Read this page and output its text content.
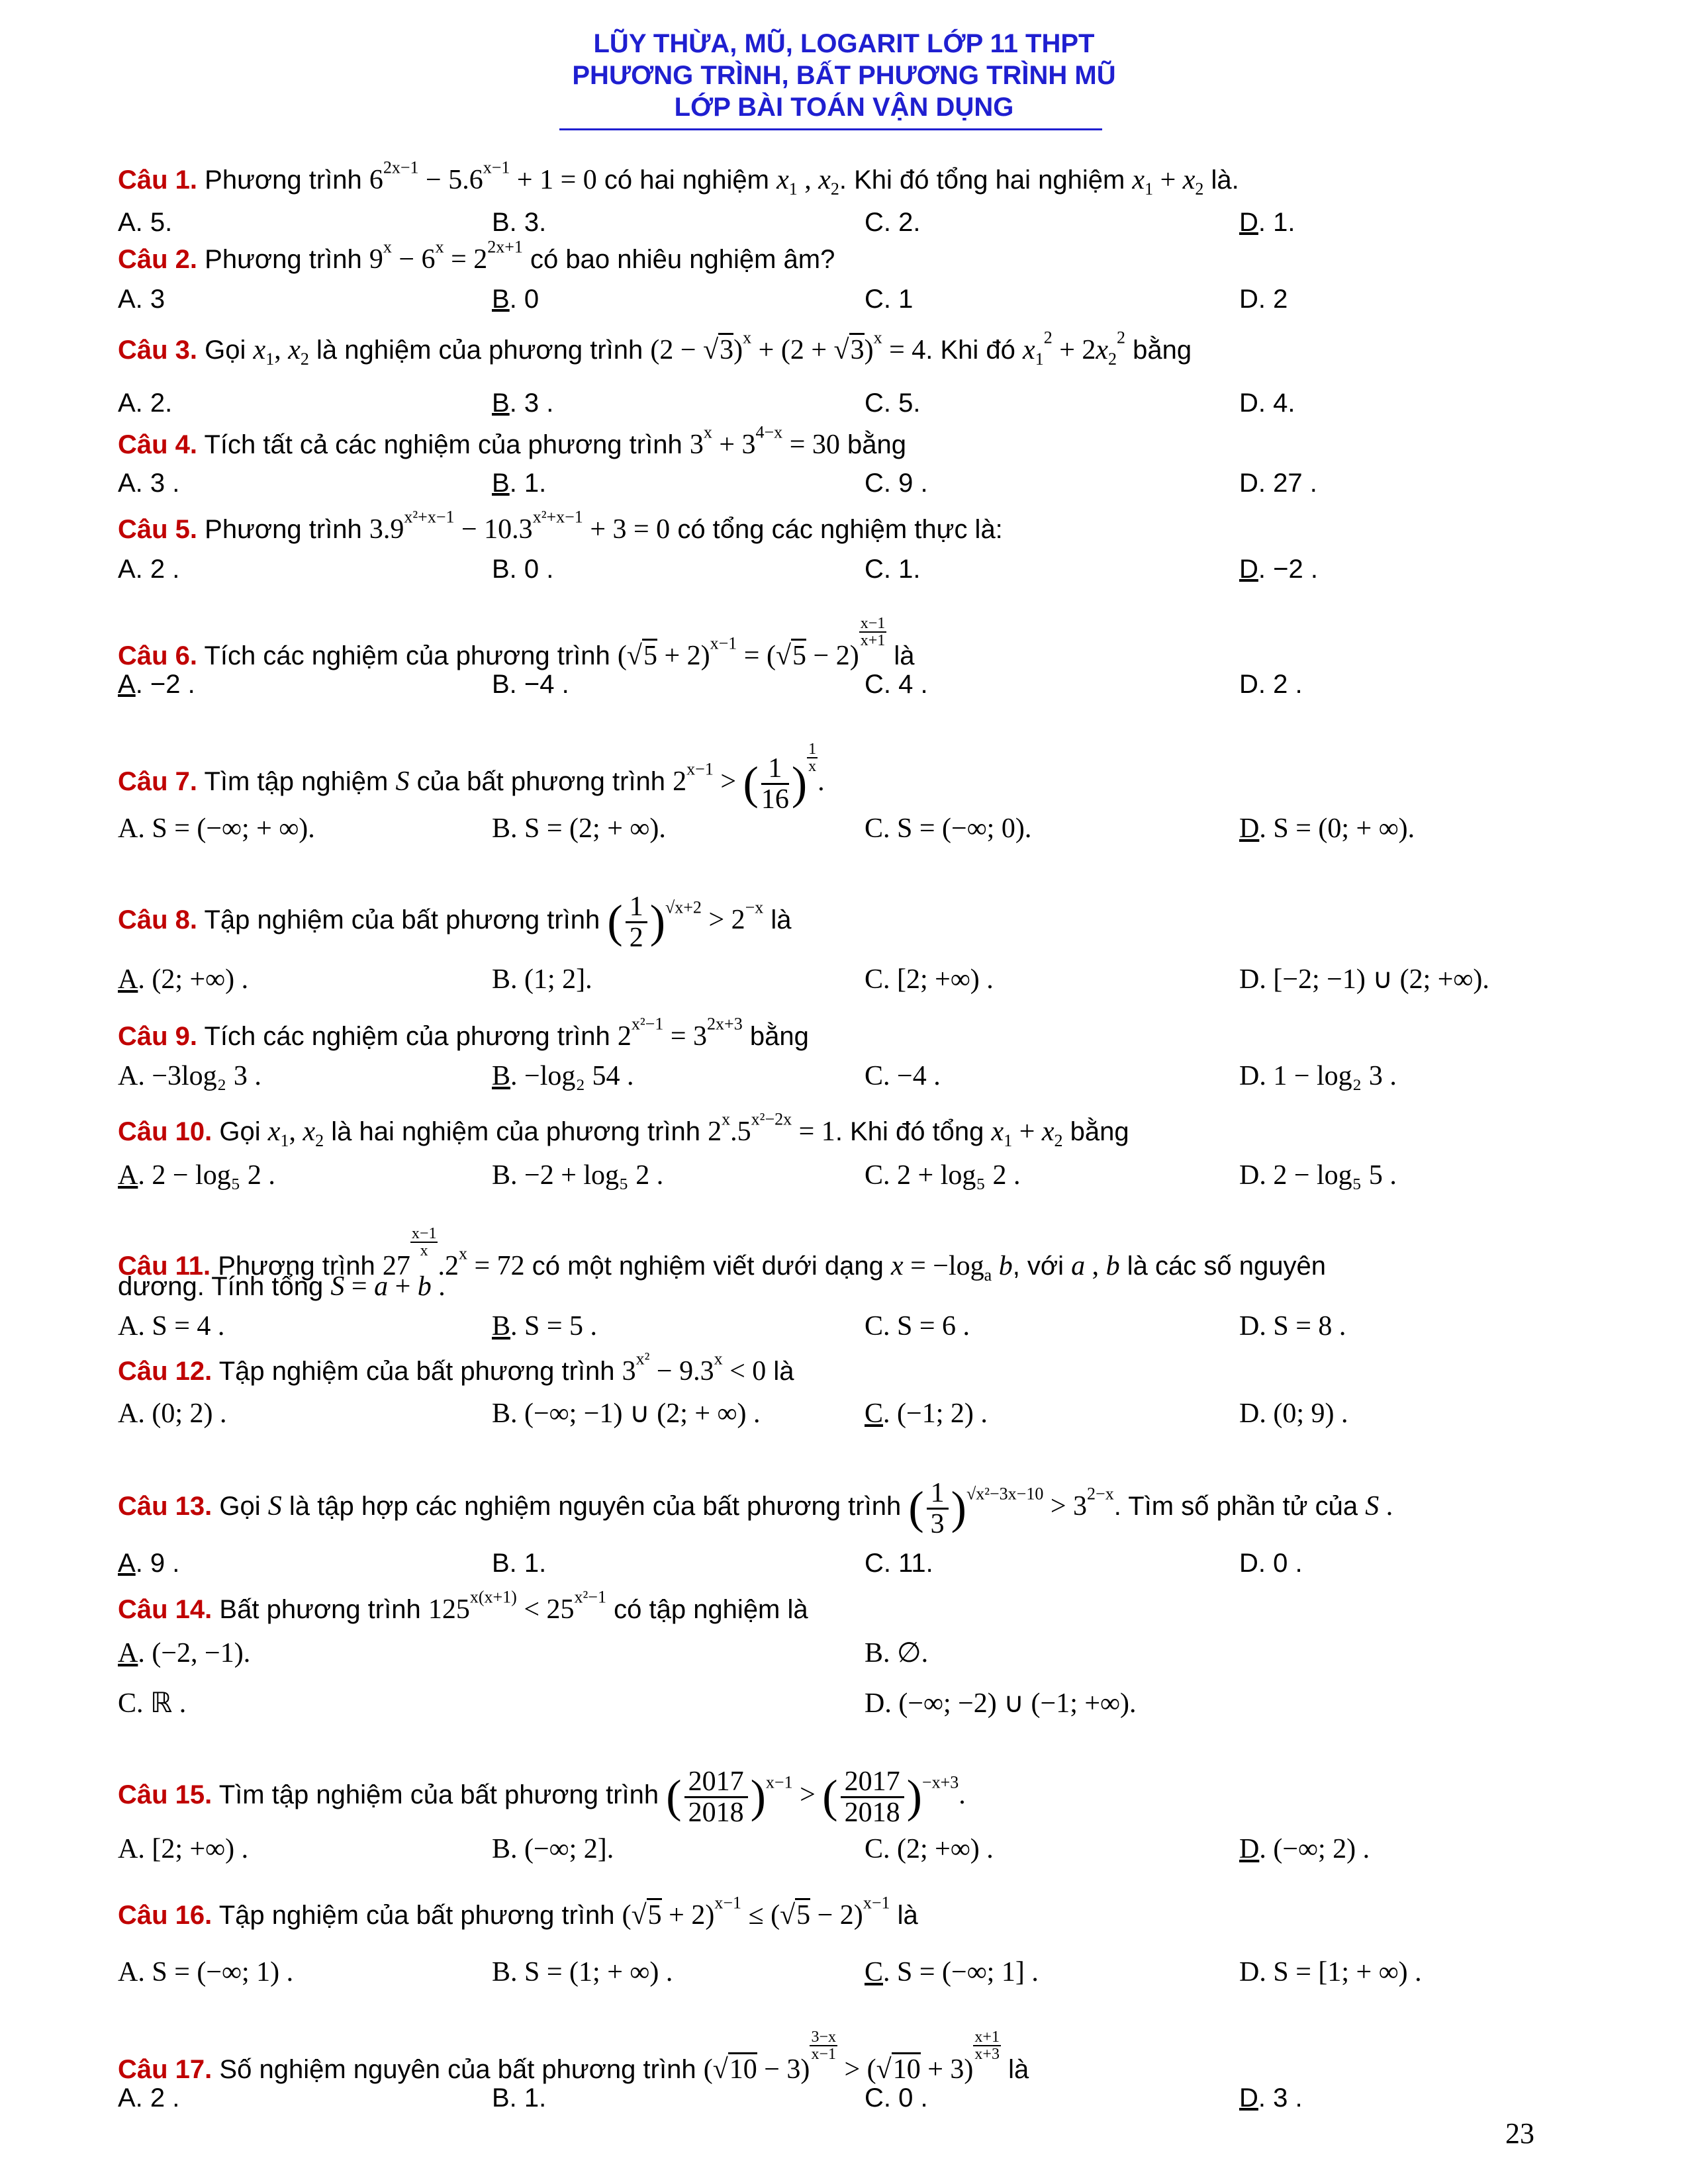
LŨY THỪA, MŨ, LOGARIT LỚP 11 THPT
PHƯƠNG TRÌNH, BẤT PHƯƠNG TRÌNH MŨ
LỚP BÀI TOÁN VẬN DỤNG
Câu 1. Phương trình $6^{2x-1} - 5.6^{x-1} + 1 = 0$ có hai nghiệm $x_1$ , $x_2$. Khi đó tổng hai nghiệm $x_1 + x_2$ là.
A. 5.	B. 3.	C. 2.	D. 1.
Câu 2. Phương trình $9^x - 6^x = 2^{2x+1}$ có bao nhiêu nghiệm âm?
A. 3	B. 0	C. 1	D. 2
Câu 3. Gọi $x_1$, $x_2$ là nghiệm của phương trình $(2 - √3)^x + (2 + √3)^x = 4$. Khi đó $x_1^2 + 2x_2^2$ bằng
A. 2.	B. 3 .	C. 5.	D. 4.
Câu 4. Tích tất cả các nghiệm của phương trình $3^x + 3^{4-x} = 30$ bằng
A. 3 .	B. 1.	C. 9 .	D. 27 .
Câu 5. Phương trình $3.9^{x^2+x-1} - 10.3^{x^2+x-1} + 3 = 0$ có tổng các nghiệm thực là:
A. 2 .	B. 0 .	C. 1.	D. −2 .
Câu 6. Tích các nghiệm của phương trình $(√5 + 2)^{x-1} = (√5 - 2)$
$\frac{x-1}{x+1}$
là
A. −2 .	B. −4 .	C. 4 .	D. 2 .
Câu 7. Tìm tập nghiệm S của bất phương trình $2^{x-1}$ > ( $\frac{1}{16}$ )
$\frac{1}{x}$
.
A. S = (−∞; + ∞).	B. S = (2; + ∞).	C. S = (−∞; 0).	D. S = (0; + ∞).
Câu 8. Tập nghiệm của bất phương trình ( $\frac{1}{2} )^{√x+2} > 2^{-x}$ là
A. (2; +∞) .	B. (1; 2].	C. [2; +∞) .	D. [−2; −1) ∪ (2; +∞).
Câu 9. Tích các nghiệm của phương trình $2^{x^2-1} = 3^{2x+3}$ bằng
A. −3log₂ 3 .	B. −log₂ 54 .	C. −4 .	D. 1 − log₂ 3 .
Câu 10. Gọi $x_1$, $x_2$ là hai nghiệm của phương trình $2^x.5^{x^2-2x} = 1$. Khi đó tổng $x_1 + x_2$ bằng
A. 2 − log₅ 2 .	B. −2 + log₅ 2 .	C. 2 + log₅ 2 .	D. 2 − log₅ 5 .
Câu 11. Phương trình 27
$\frac{x-1}{x}$
$.2^x = 72$ có một nghiệm viết dưới dạng $x = -\log_a$ b, với a , b là các số nguyên
dương. Tính tổng S = a + b .
A. S = 4 .	B. S = 5 .	C. S = 6 .	D. S = 8 .
Câu 12. Tập nghiệm của bất phương trình $3^{x^2} - 9.3^x < 0$ là
A. (0; 2) .	B. (−∞; −1) ∪ (2; + ∞) .	C. (−1; 2) .	D. (0; 9) .
Câu 13. Gọi S là tập hợp các nghiệm nguyên của bất phương trình ( $\frac{1}{3} )^{√x^2-3x-10} > 3^{2-x}$. Tìm số phần tử của S .
A. 9 .	B. 1.	C. 11.	D. 0 .
Câu 14. Bất phương trình $125^{x(x+1)} < 25^{x^2-1}$ có tập nghiệm là
A. (−2, −1).	B. ∅.
C. ℝ .	D. (−∞; −2) ∪ (−1; +∞).
Câu 15. Tìm tập nghiệm của bất phương trình ( $\frac{2017}{2018} )^{x-1}$ > ( $\frac{2017}{2018} )^{-x+3}$.
A. [2; +∞) .	B. (−∞; 2].	C. (2; +∞) .	D. (−∞; 2) .
Câu 16. Tập nghiệm của bất phương trình $(√5 + 2)^{x-1} \le (√5 - 2)^{x-1}$ là
A. S = (−∞; 1) .	B. S = (1; + ∞) .	C. S = (−∞; 1] .	D. S = [1; + ∞) .
Câu 17. Số nghiệm nguyên của bất phương trình (√10 − 3)
$\frac{3-x}{x-1}$
> (√10 + 3)
$\frac{x+1}{x+3}$
là
A. 2 .	B. 1.	C. 0 .	D. 3 .
23
